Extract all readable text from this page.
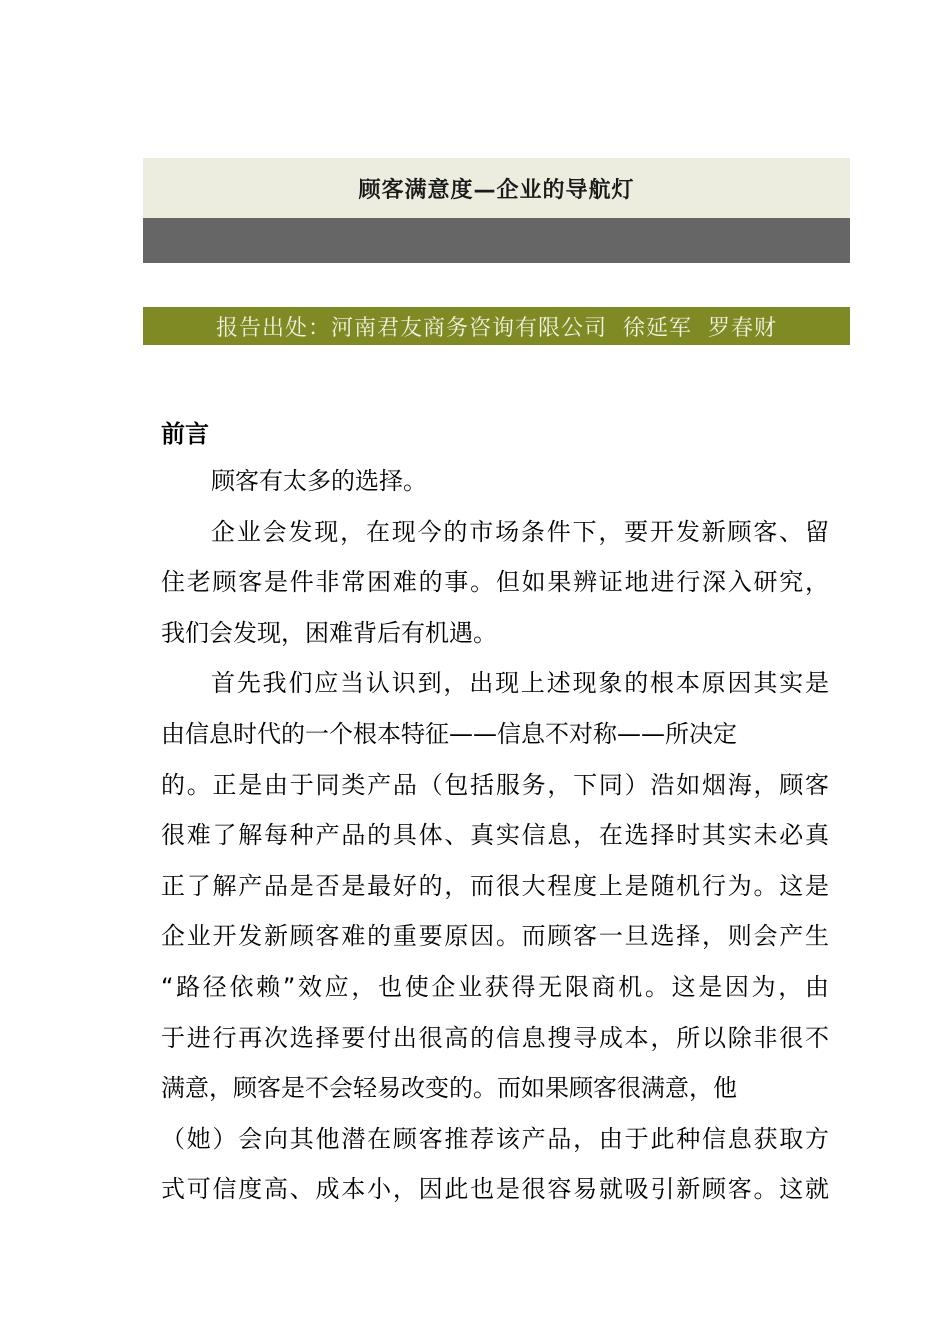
顾客满意度—企业的导航灯
报告出处：河南君友商务咨询有限公司  徐延军  罗春财
前言
顾客有太多的选择。
企业会发现，在现今的市场条件下，要开发新顾客、留
住老顾客是件非常困难的事。但如果辨证地进行深入研究，
我们会发现，困难背后有机遇。
首先我们应当认识到，出现上述现象的根本原因其实是
由信息时代的一个根本特征——信息不对称——所决定
的。正是由于同类产品（包括服务，下同）浩如烟海，顾客
很难了解每种产品的具体、真实信息，在选择时其实未必真
正了解产品是否是最好的，而很大程度上是随机行为。这是
企业开发新顾客难的重要原因。而顾客一旦选择，则会产生
“路径依赖”效应，也使企业获得无限商机。这是因为，由
于进行再次选择要付出很高的信息搜寻成本，所以除非很不
满意，顾客是不会轻易改变的。而如果顾客很满意，他
（她）会向其他潜在顾客推荐该产品，由于此种信息获取方
式可信度高、成本小，因此也是很容易就吸引新顾客。这就
